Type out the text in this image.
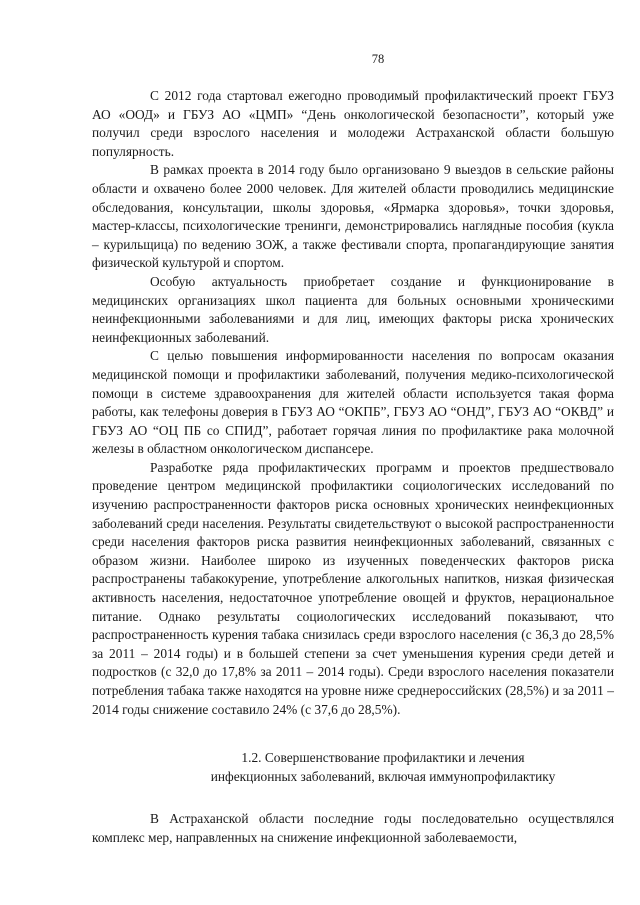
78

С 2012 года стартовал ежегодно проводимый профилактический проект ГБУЗ АО «ООД» и ГБУЗ АО «ЦМП» “День онкологической безопасности”, который уже получил среди взрослого населения и молодежи Астраханской области большую популярность.

В рамках проекта в 2014 году было организовано 9 выездов в сельские районы области и охвачено более 2000 человек. Для жителей области проводились медицинские обследования, консультации, школы здоровья, «Ярмарка здоровья», точки здоровья, мастер-классы, психологические тренинги, демонстрировались наглядные пособия (кукла – курильщица) по ведению ЗОЖ, а также фестивали спорта, пропагандирующие занятия физической культурой и спортом.

Особую актуальность приобретает создание и функционирование в медицинских организациях школ пациента для больных основными хроническими неинфекционными заболеваниями и для лиц, имеющих факторы риска хронических неинфекционных заболеваний.

С целью повышения информированности населения по вопросам оказания медицинской помощи и профилактики заболеваний, получения медико-психологической помощи в системе здравоохранения для жителей области используется такая форма работы, как телефоны доверия в ГБУЗ АО “ОКПБ”, ГБУЗ АО “ОНД”, ГБУЗ АО “ОКВД” и ГБУЗ АО “ОЦ ПБ со СПИД”, работает горячая линия по профилактике рака молочной железы в областном онкологическом диспансере.

Разработке ряда профилактических программ и проектов предшествовало проведение центром медицинской профилактики социологических исследований по изучению распространенности факторов риска основных хронических неинфекционных заболеваний среди населения. Результаты свидетельствуют о высокой распространенности среди населения факторов риска развития неинфекционных заболеваний, связанных с образом жизни. Наиболее широко из изученных поведенческих факторов риска распространены табакокурение, употребление алкогольных напитков, низкая физическая активность населения, недостаточное употребление овощей и фруктов, нерациональное питание. Однако результаты социологических исследований показывают, что распространенность курения табака снизилась среди взрослого населения (с 36,3 до 28,5% за 2011 – 2014 годы) и в большей степени за счет уменьшения курения среди детей и подростков (с 32,0 до 17,8% за 2011 – 2014 годы). Среди взрослого населения показатели потребления табака также находятся на уровне ниже среднероссийских (28,5%) и за 2011 – 2014 годы снижение составило 24% (с 37,6 до 28,5%).

1.2. Совершенствование профилактики и лечения
инфекционных заболеваний, включая иммунопрофилактику

В Астраханской области последние годы последовательно осуществлялся комплекс мер, направленных на снижение инфекционной заболеваемости,
